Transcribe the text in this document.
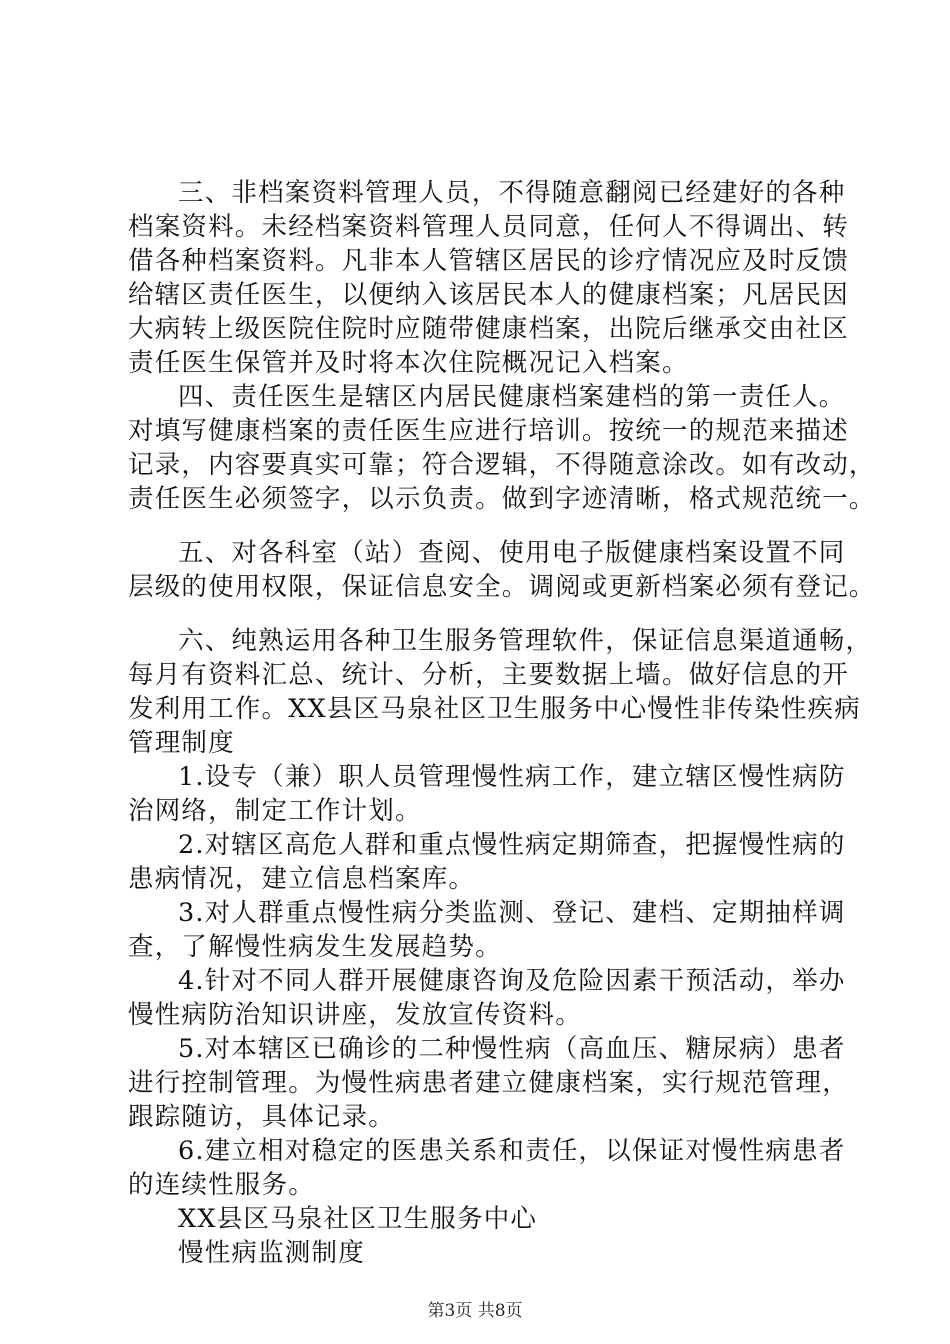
三、非档案资料管理人员，不得随意翻阅已经建好的各种
档案资料。未经档案资料管理人员同意，任何人不得调出、转
借各种档案资料。凡非本人管辖区居民的诊疗情况应及时反馈
给辖区责任医生，以便纳入该居民本人的健康档案；凡居民因
大病转上级医院住院时应随带健康档案，出院后继承交由社区
责任医生保管并及时将本次住院概况记入档案。
四、责任医生是辖区内居民健康档案建档的第一责任人。
对填写健康档案的责任医生应进行培训。按统一的规范来描述
记录，内容要真实可靠；符合逻辑，不得随意涂改。如有改动，
责任医生必须签字，以示负责。做到字迹清晰，格式规范统一。
五、对各科室（站）查阅、使用电子版健康档案设置不同
层级的使用权限，保证信息安全。调阅或更新档案必须有登记。
六、纯熟运用各种卫生服务管理软件，保证信息渠道通畅，
每月有资料汇总、统计、分析，主要数据上墙。做好信息的开
发利用工作。XX县区马泉社区卫生服务中心慢性非传染性疾病
管理制度
1.设专（兼）职人员管理慢性病工作，建立辖区慢性病防
治网络，制定工作计划。
2.对辖区高危人群和重点慢性病定期筛查，把握慢性病的
患病情况，建立信息档案库。
3.对人群重点慢性病分类监测、登记、建档、定期抽样调
查，了解慢性病发生发展趋势。
4.针对不同人群开展健康咨询及危险因素干预活动，举办
慢性病防治知识讲座，发放宣传资料。
5.对本辖区已确诊的二种慢性病（高血压、糖尿病）患者
进行控制管理。为慢性病患者建立健康档案，实行规范管理，
跟踪随访，具体记录。
6.建立相对稳定的医患关系和责任，以保证对慢性病患者
的连续性服务。
XX县区马泉社区卫生服务中心
慢性病监测制度
第3页 共8页
